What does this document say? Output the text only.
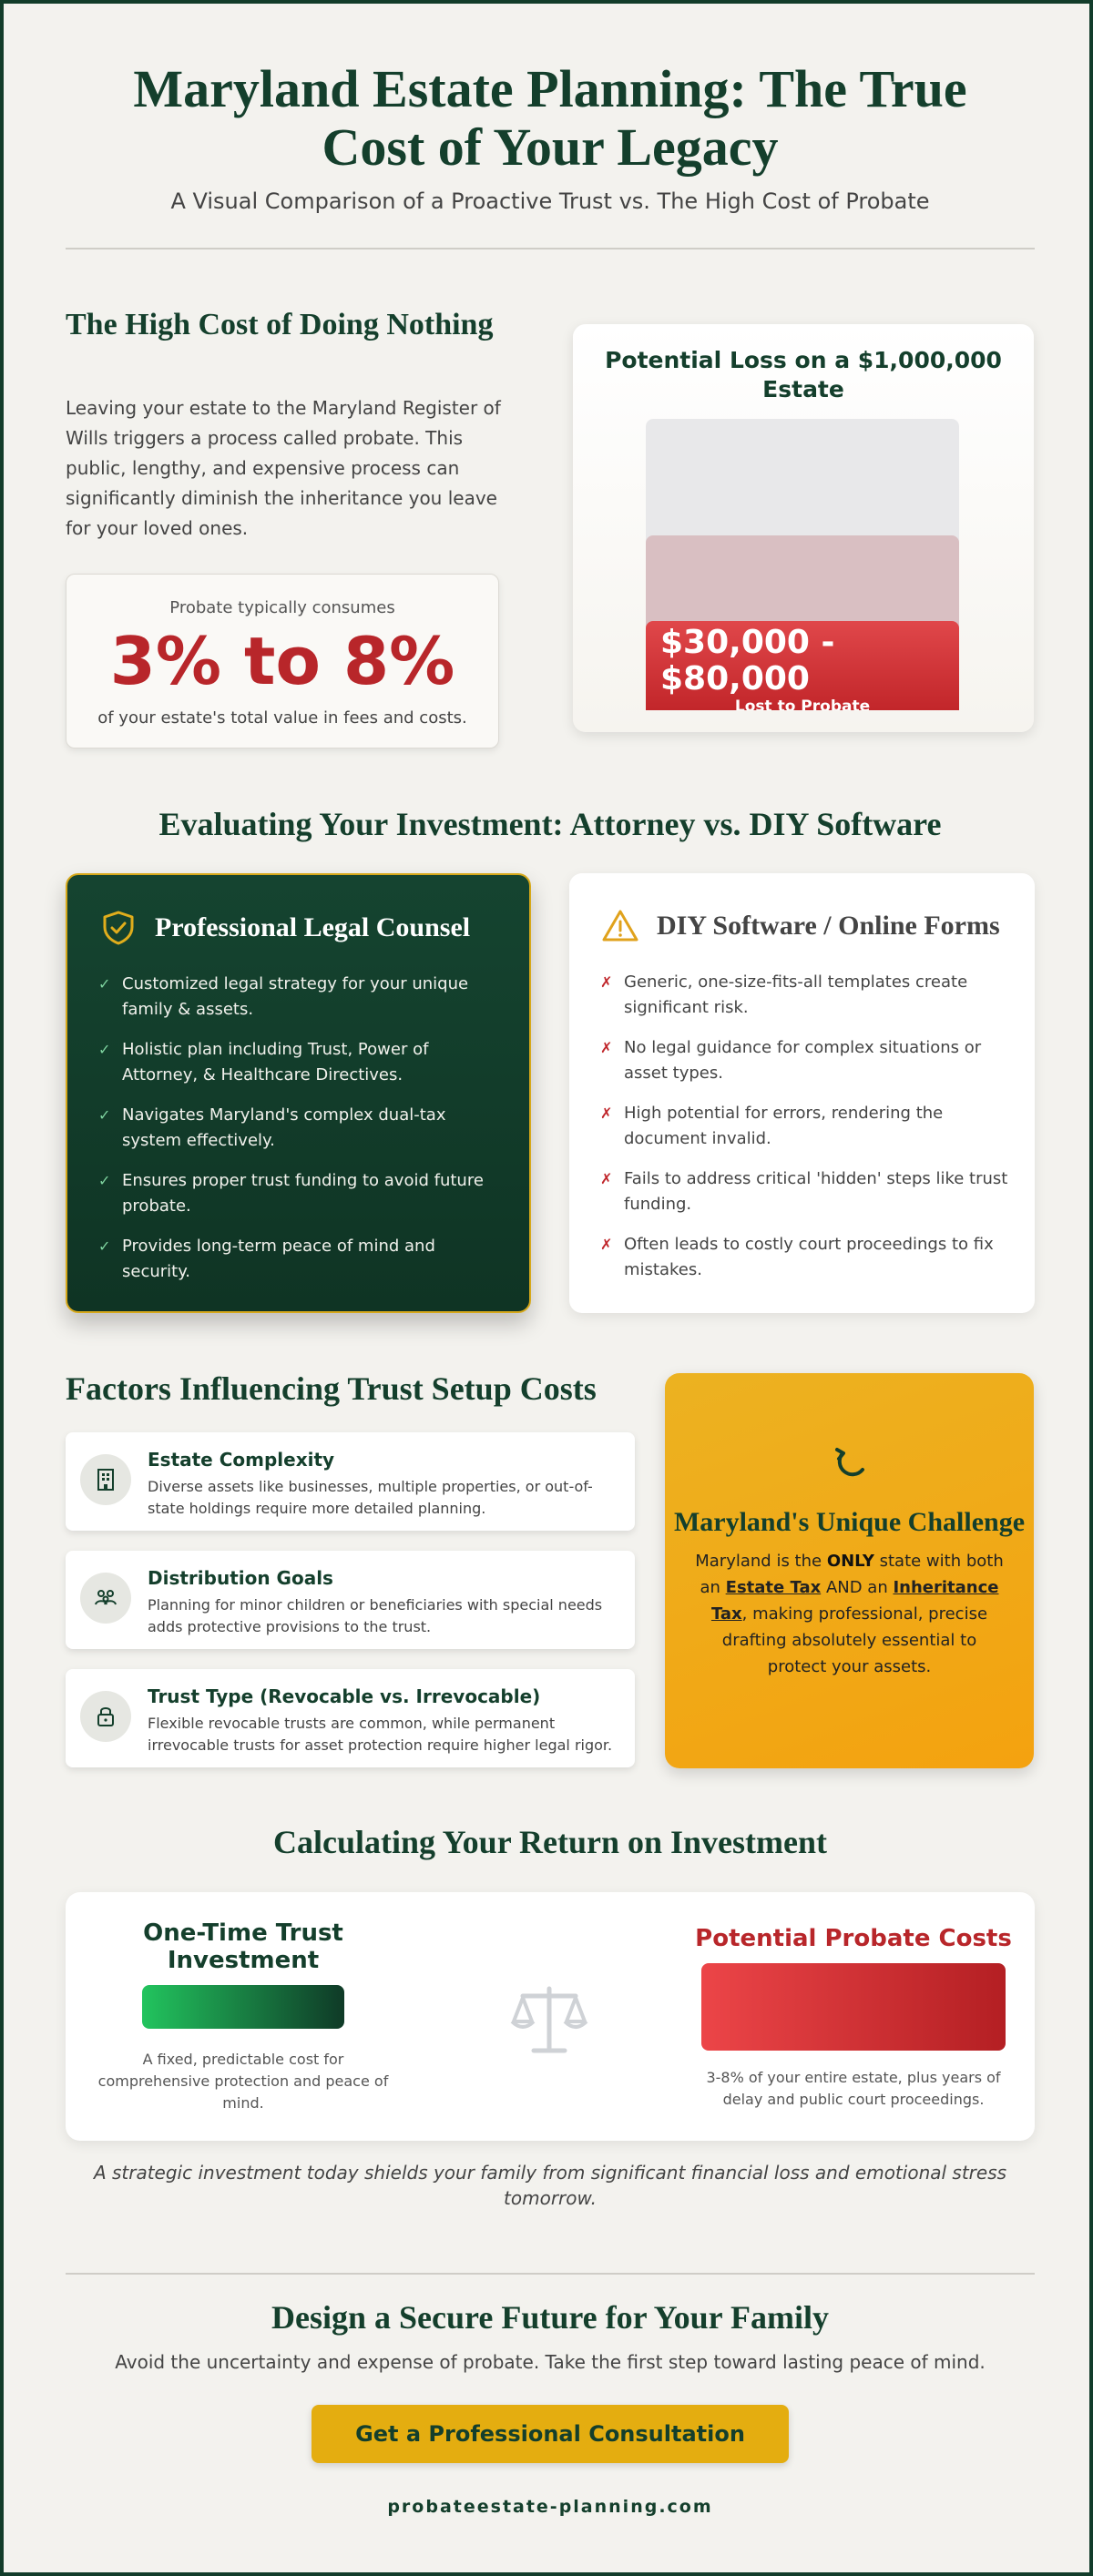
Maryland Estate Planning: The True Cost of Your Legacy
A Visual Comparison of a Proactive Trust vs. The High Cost of Probate
The High Cost of Doing Nothing

Leaving your estate to the Maryland Register of Wills triggers a process called probate. This public, lengthy, and expensive process can significantly diminish the inheritance you leave for your loved ones.

Probate typically consumes
3% to 8%
of your estate's total value in fees and costs.
Potential Loss on a $1,000,000 Estate
$30,000 - $80,000
Lost to Probate
Evaluating Your Investment: Attorney vs. DIY Software
Professional Legal Counsel
✓ Customized legal strategy for your unique family & assets.
✓ Holistic plan including Trust, Power of Attorney, & Healthcare Directives.
✓ Navigates Maryland's complex dual-tax system effectively.
✓ Ensures proper trust funding to avoid future probate.
✓ Provides long-term peace of mind and security.
DIY Software / Online Forms
✗ Generic, one-size-fits-all templates create significant risk.
✗ No legal guidance for complex situations or asset types.
✗ High potential for errors, rendering the document invalid.
✗ Fails to address critical 'hidden' steps like trust funding.
✗ Often leads to costly court proceedings to fix mistakes.
Factors Influencing Trust Setup Costs
Estate Complexity
Diverse assets like businesses, multiple properties, or out-of-state holdings require more detailed planning.
Distribution Goals
Planning for minor children or beneficiaries with special needs adds protective provisions to the trust.
Trust Type (Revocable vs. Irrevocable)
Flexible revocable trusts are common, while permanent irrevocable trusts for asset protection require higher legal rigor.
Maryland's Unique Challenge
Maryland is the ONLY state with both an Estate Tax AND an Inheritance Tax, making professional, precise drafting absolutely essential to protect your assets.
Calculating Your Return on Investment
One-Time Trust Investment
A fixed, predictable cost for comprehensive protection and peace of mind.
Potential Probate Costs
3-8% of your entire estate, plus years of delay and public court proceedings.
A strategic investment today shields your family from significant financial loss and emotional stress tomorrow.
Design a Secure Future for Your Family
Avoid the uncertainty and expense of probate. Take the first step toward lasting peace of mind.
Get a Professional Consultation
probateestate-planning.com
